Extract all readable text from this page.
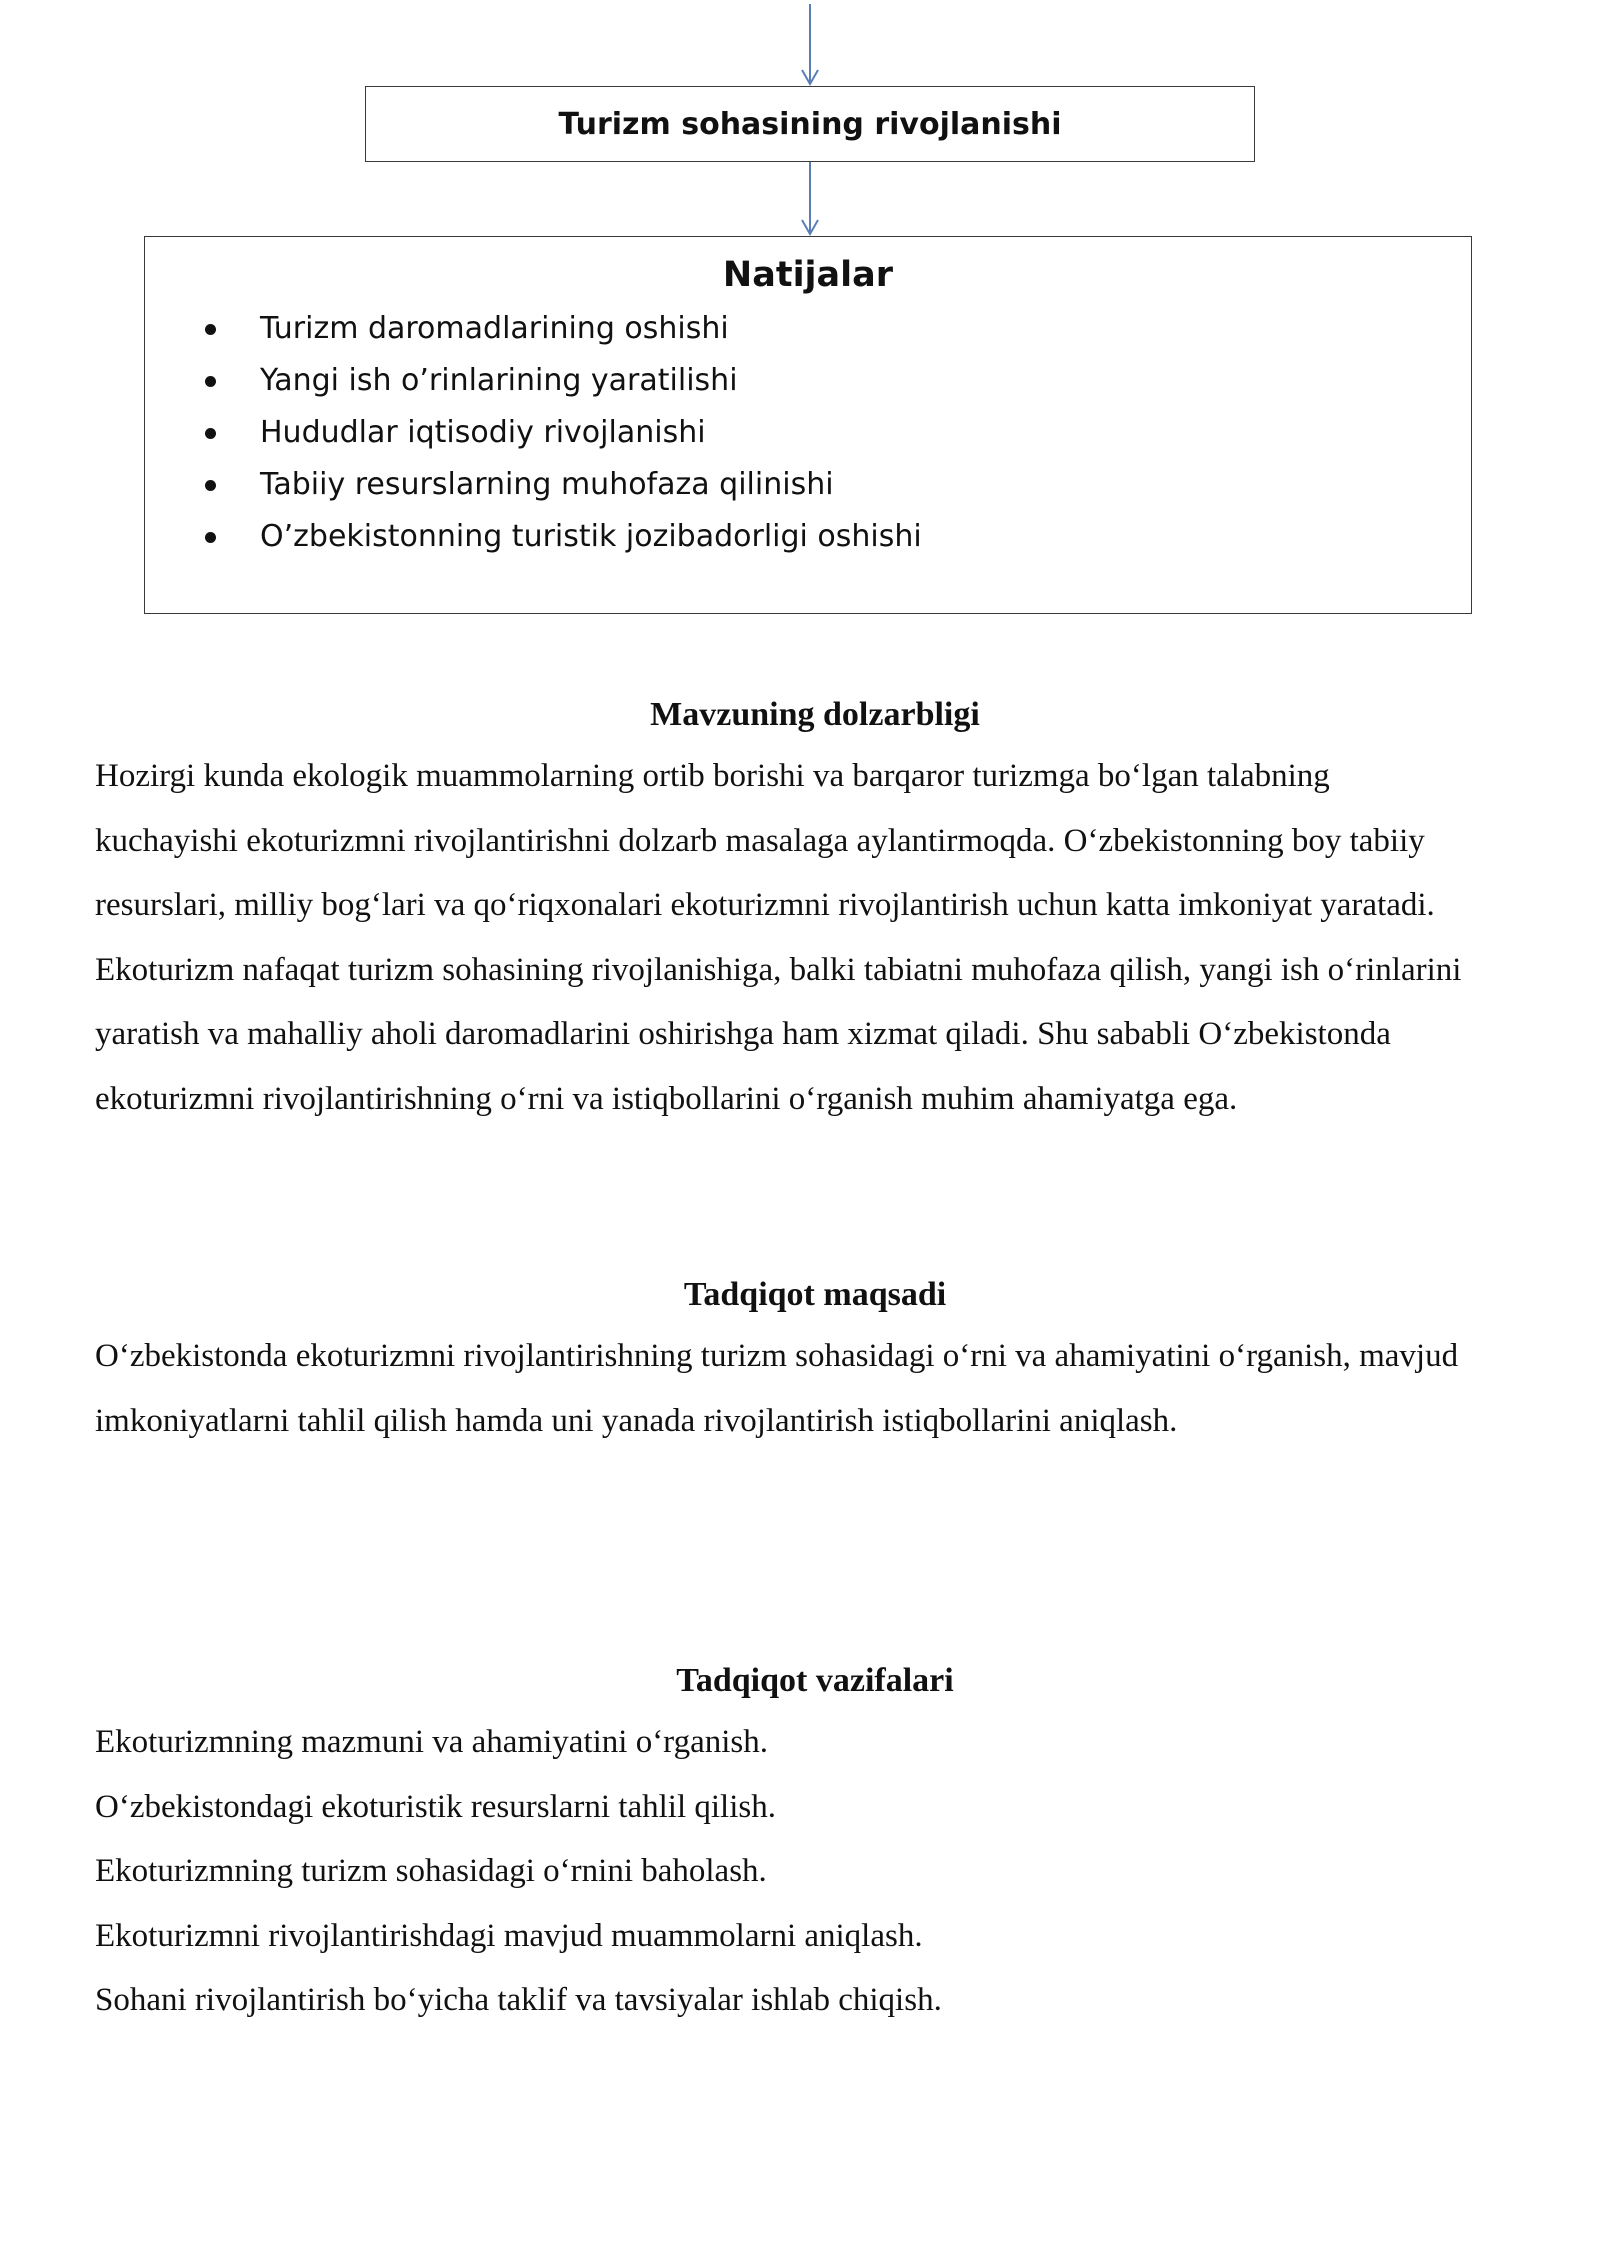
Turizm sohasining rivojlanishi
Natijalar
Turizm daromadlarining oshishi
Yangi ish o’rinlarining yaratilishi
Hududlar iqtisodiy rivojlanishi
Tabiiy resurslarning muhofaza qilinishi
O’zbekistonning turistik jozibadorligi oshishi
Mavzuning dolzarbligi

Hozirgi kunda ekologik muammolarning ortib borishi va barqaror turizmga bo‘lgan talabning kuchayishi ekoturizmni rivojlantirishni dolzarb masalaga aylantirmoqda. O‘zbekistonning boy tabiiy resurslari, milliy bog‘lari va qo‘riqxonalari ekoturizmni rivojlantirish uchun katta imkoniyat yaratadi. Ekoturizm nafaqat turizm sohasining rivojlanishiga, balki tabiatni muhofaza qilish, yangi ish o‘rinlarini yaratish va mahalliy aholi daromadlarini oshirishga ham xizmat qiladi. Shu sababli O‘zbekistonda ekoturizmni rivojlantirishning o‘rni va istiqbollarini o‘rganish muhim ahamiyatga ega.

Tadqiqot maqsadi

O‘zbekistonda ekoturizmni rivojlantirishning turizm sohasidagi o‘rni va ahamiyatini o‘rganish, mavjud imkoniyatlarni tahlil qilish hamda uni yanada rivojlantirish istiqbollarini aniqlash.

Tadqiqot vazifalari
Ekoturizmning mazmuni va ahamiyatini o‘rganish.
O‘zbekistondagi ekoturistik resurslarni tahlil qilish.
Ekoturizmning turizm sohasidagi o‘rnini baholash.
Ekoturizmni rivojlantirishdagi mavjud muammolarni aniqlash.
Sohani rivojlantirish bo‘yicha taklif va tavsiyalar ishlab chiqish.
